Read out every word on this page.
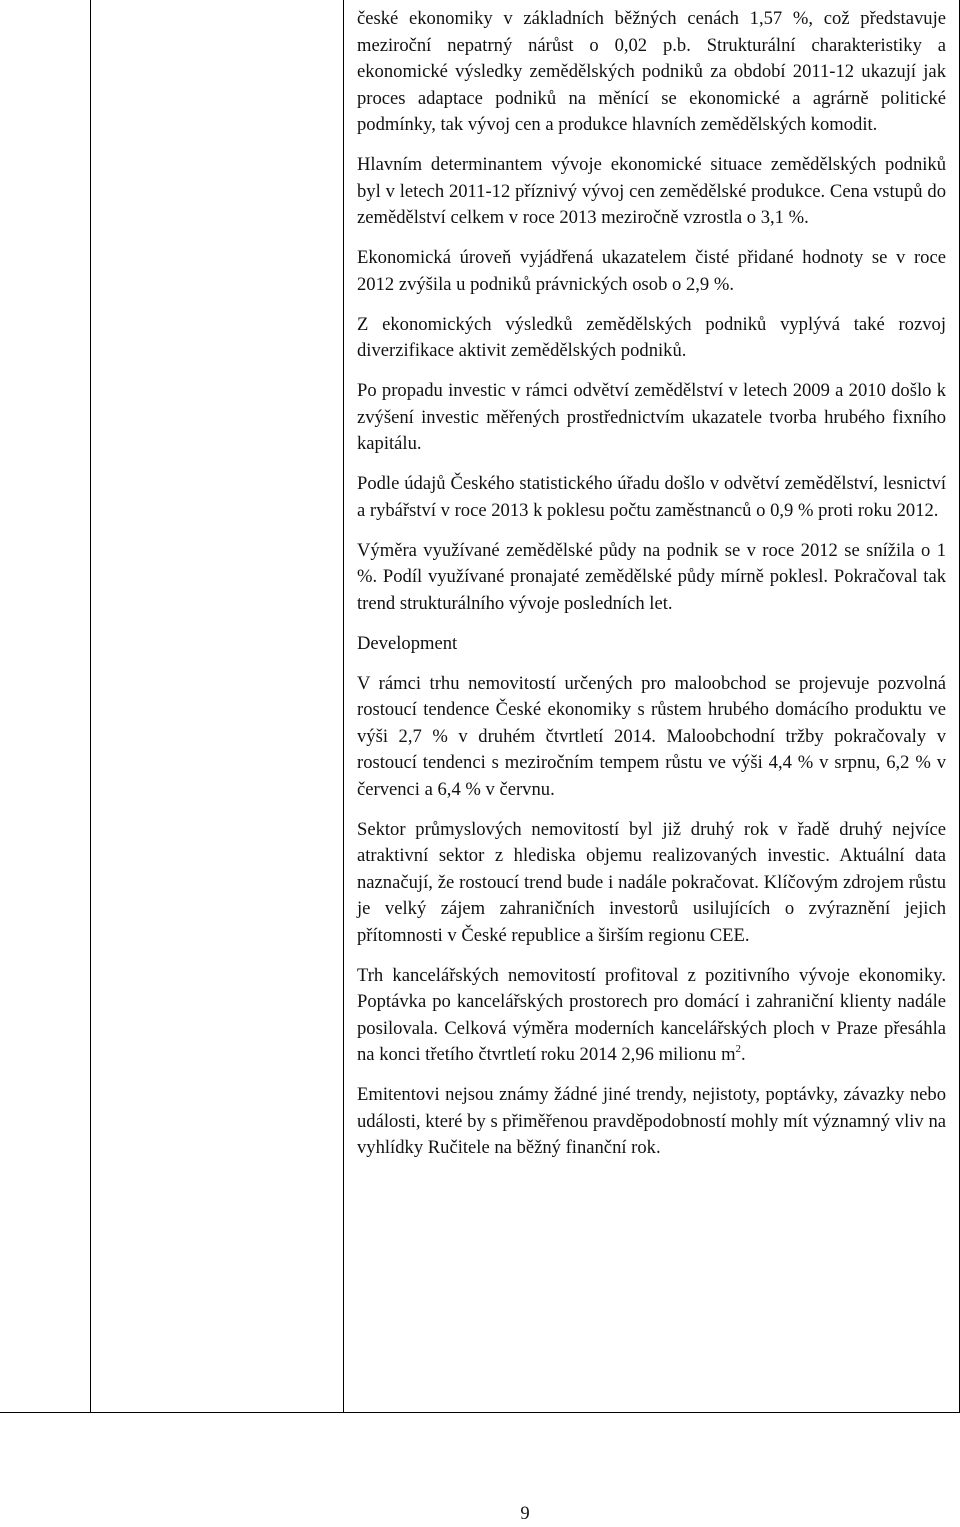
české ekonomiky v základních běžných cenách 1,57 %, což představuje meziroční nepatrný nárůst o 0,02 p.b. Strukturální charakteristiky a ekonomické výsledky zemědělských podniků za období 2011-12 ukazují jak proces adaptace podniků na měnící se ekonomické a agrárně politické podmínky, tak vývoj cen a produkce hlavních zemědělských komodit.

Hlavním determinantem vývoje ekonomické situace zemědělských podniků byl v letech 2011-12 příznivý vývoj cen zemědělské produkce. Cena vstupů do zemědělství celkem v roce 2013 meziročně vzrostla o 3,1 %.

Ekonomická úroveň vyjádřená ukazatelem čisté přidané hodnoty se v roce 2012 zvýšila u podniků právnických osob o 2,9 %.

Z ekonomických výsledků zemědělských podniků vyplývá také rozvoj diverzifikace aktivit zemědělských podniků.

Po propadu investic v rámci odvětví zemědělství v letech 2009 a 2010 došlo k zvýšení investic měřených prostřednictvím ukazatele tvorba hrubého fixního kapitálu.

Podle údajů Českého statistického úřadu došlo v odvětví zemědělství, lesnictví a rybářství v roce 2013 k poklesu počtu zaměstnanců o 0,9 % proti roku 2012.

Výměra využívané zemědělské půdy na podnik se v roce 2012 se snížila o 1 %. Podíl využívané pronajaté zemědělské půdy mírně poklesl. Pokračoval tak trend strukturálního vývoje posledních let.

Development

V rámci trhu nemovitostí určených pro maloobchod se projevuje pozvolná rostoucí tendence České ekonomiky s růstem hrubého domácího produktu ve výši 2,7 % v druhém čtvrtletí 2014. Maloobchodní tržby pokračovaly v rostoucí tendenci s meziročním tempem růstu ve výši 4,4 % v srpnu, 6,2 % v červenci a 6,4 % v červnu.

Sektor průmyslových nemovitostí byl již druhý rok v řadě druhý nejvíce atraktivní sektor z hlediska objemu realizovaných investic. Aktuální data naznačují, že rostoucí trend bude i nadále pokračovat. Klíčovým zdrojem růstu je velký zájem zahraničních investorů usilujících o zvýraznění jejich přítomnosti v České republice a širším regionu CEE.

Trh kancelářských nemovitostí profitoval z pozitivního vývoje ekonomiky. Poptávka po kancelářských prostorech pro domácí i zahraniční klienty nadále posilovala. Celková výměra moderních kancelářských ploch v Praze přesáhla na konci třetího čtvrtletí roku 2014 2,96 milionu $m^2$.

Emitentovi nejsou známy žádné jiné trendy, nejistoty, poptávky, závazky nebo události, které by s přiměřenou pravděpodobností mohly mít významný vliv na vyhlídky Ručitele na běžný finanční rok.

9
